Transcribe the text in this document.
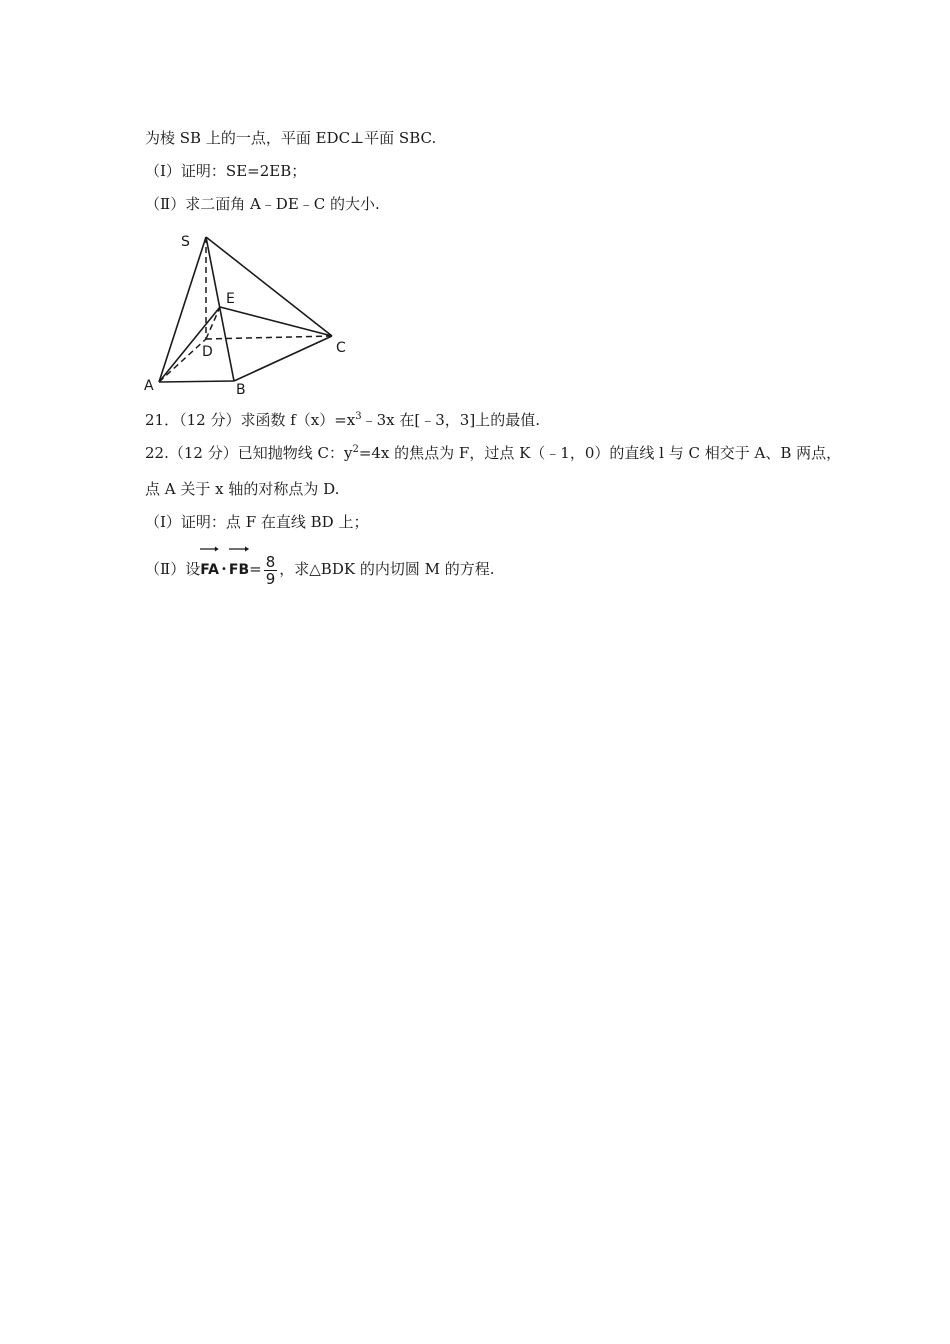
为棱 SB 上的一点，平面 EDC⊥平面 SBC.
（Ⅰ）证明：SE=2EB；
（Ⅱ）求二面角 A﹣DE﹣C 的大小.
S
E
D	C
A	B
21．（12 分）求函数 $f(x)=x^3﹣3x$ 在[﹣3，3]上的最值.
22.（12 分）已知抛物线 C：$y^2=4x$ 的焦点为 F，过点 K（﹣1，0）的直线 l 与 C 相交于 A、B 两点，
点 A 关于 x 轴的对称点为 D.
（Ⅰ）证明：点 F 在直线 BD 上；
（Ⅱ）设
FA • $FB= \frac{8}{9}$ ，求△BDK 的内切圆 M 的方程.
